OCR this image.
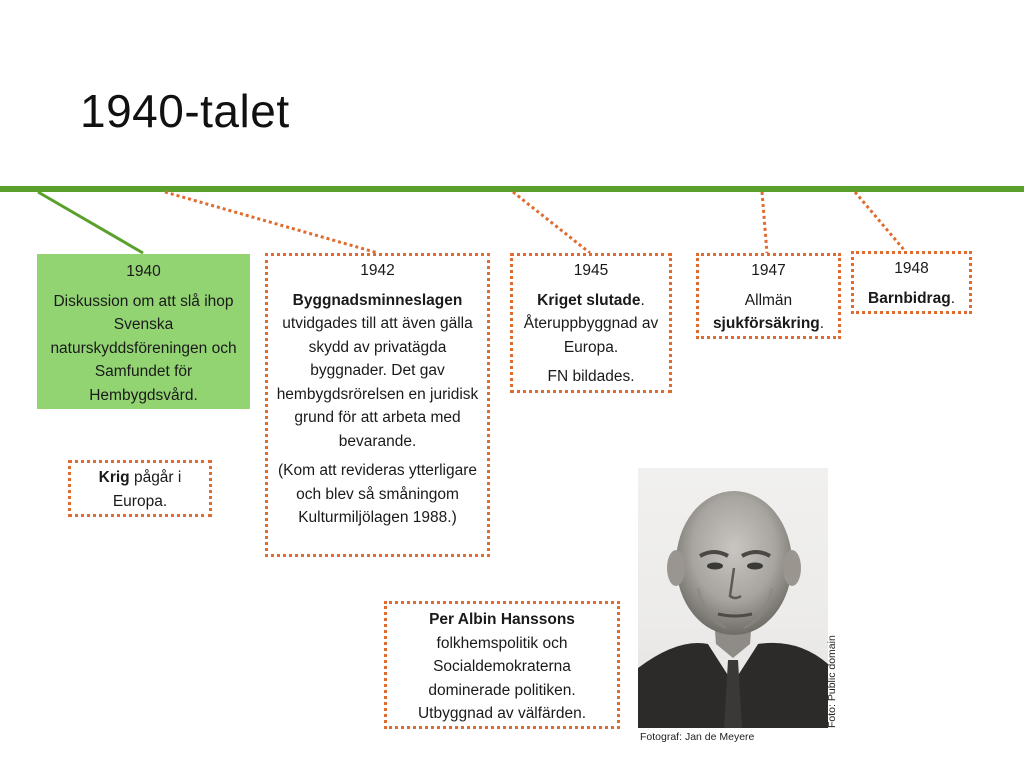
1940-talet
1940
Diskussion om att slå ihop Svenska naturskyddsföreningen och Samfundet för Hembygdsvård.
1942
Byggnadsminneslagen utvidgades till att även gälla skydd av privatägda byggnader. Det gav hembygdsrörelsen en juridisk grund för att arbeta med bevarande.
(Kom att revideras ytterligare och blev så småningom Kulturmiljölagen 1988.)
1945
Kriget slutade. Återuppbyggnad av Europa.
FN bildades.
1947
Allmän sjukförsäkring.
1948
Barnbidrag.
Krig pågår i Europa.
Per Albin Hanssons
folkhemspolitik och Socialdemokraterna dominerade politiken. Utbyggnad av välfärden.
Fotograf: Jan de Meyere
Foto: Public domain
